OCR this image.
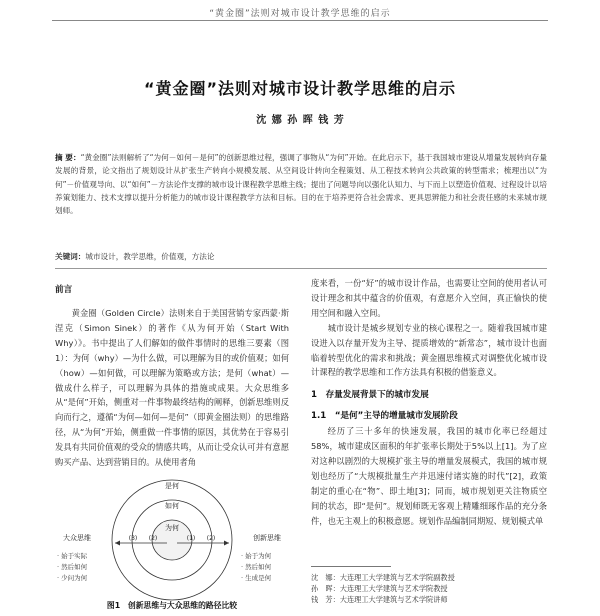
“黄金圈”法则对城市设计教学思维的启示
“黄金圈”法则对城市设计教学思维的启示
沈 娜 孙 晖 钱 芳
摘 要：“黄金圈”法则解析了“为何－如何－是何”的创新思维过程，强调了事物从“为何”开始。在此启示下，基于我国城市建设从增量发展转向存量发展的背景，论文指出了规划设计从扩张生产转向小规模发展、从空间设计转向全程策划、从工程技术转向公共政策的转型需求；梳理出以“为何”－价值观导向、以“如何”－方法论作支撑的城市设计课程教学思维主线；提出了问题导向以强化认知力、与下而上以塑造价值观、过程设计以培养策划能力、技术支撑以提升分析能力的城市设计课程教学方法和目标。目的在于培养更符合社会需求、更具思辨能力和社会责任感的未来城市规划师。
关键词：城市设计，教学思维，价值观，方法论
前言

黄金圈（Golden Circle）法则来自于美国营销专家西蒙·斯涅克（Simon Sinek）的著作《从为何开始（Start With Why）》。书中提出了人们解如的做件事情时的思维三要素（图1）：为何（why）—为什么做，可以理解为目的或价值观；如何（how）—如何做，可以理解为策略或方法；是何（what）—做成什么样子，可以理解为具体的措施或成果。大众思维多从“是何”开始，侧重对一件事物最终结构的阐释，创新思维则反向而行之，遵循“为何—如何—是何”（即黄金圈法则）的思维路径，从“为何”开始，侧重做一件事情的原因，其优势在于容易引发具有共同价值观的受众的情感共鸣，从而让受众认可并有意愿购买产品、达到营销目的。从使用者角

是何
如何
为何
(3) (2)	(1) (2)
大众思维	创新思维
· 始于实际
· 然后如何
· 少问为何
· 始于为何
· 然后如何
· 生成是何
图1　创新思维与大众思维的路径比较

度来看，一份“好”的城市设计作品，也需要让空间的使用者认可设计理念和其中蕴含的价值观，有意愿介入空间，真正愉快的使用空间和融入空间。

城市设计是城乡规划专业的核心课程之一。随着我国城市建设进入以存量开发为主导、提质增效的“新常态”，城市设计也面临着转型优化的需求和挑战；黄金圈思维模式对调整优化城市设计课程的教学思维和工作方法具有积极的借鉴意义。

1　存量发展背景下的城市发展
1.1　“是何”主导的增量城市发展阶段

经历了三十多年的快速发展，我国的城市化率已经超过58%，城市建成区面积的年扩张率长期处于5%以上[1]。为了应对这种以剧烈的大规模扩张主导的增量发展模式，我国的城市规划也经历了“大规模批量生产并迅速付诸实施的时代”[2]，政策制定的重心在“物”、即土地[3]；同而，城市规划更关注物质空间的状态，即“是何”。规划师既无客观上精雕细琢作品的充分条件，也无主观上的积极意愿。规划作品编制同期短、规划模式单

沈　娜：大连理工大学建筑与艺术学院副教授
孙　晖：大连理工大学建筑与艺术学院教授
钱　芳：大连理工大学建筑与艺术学院讲师
